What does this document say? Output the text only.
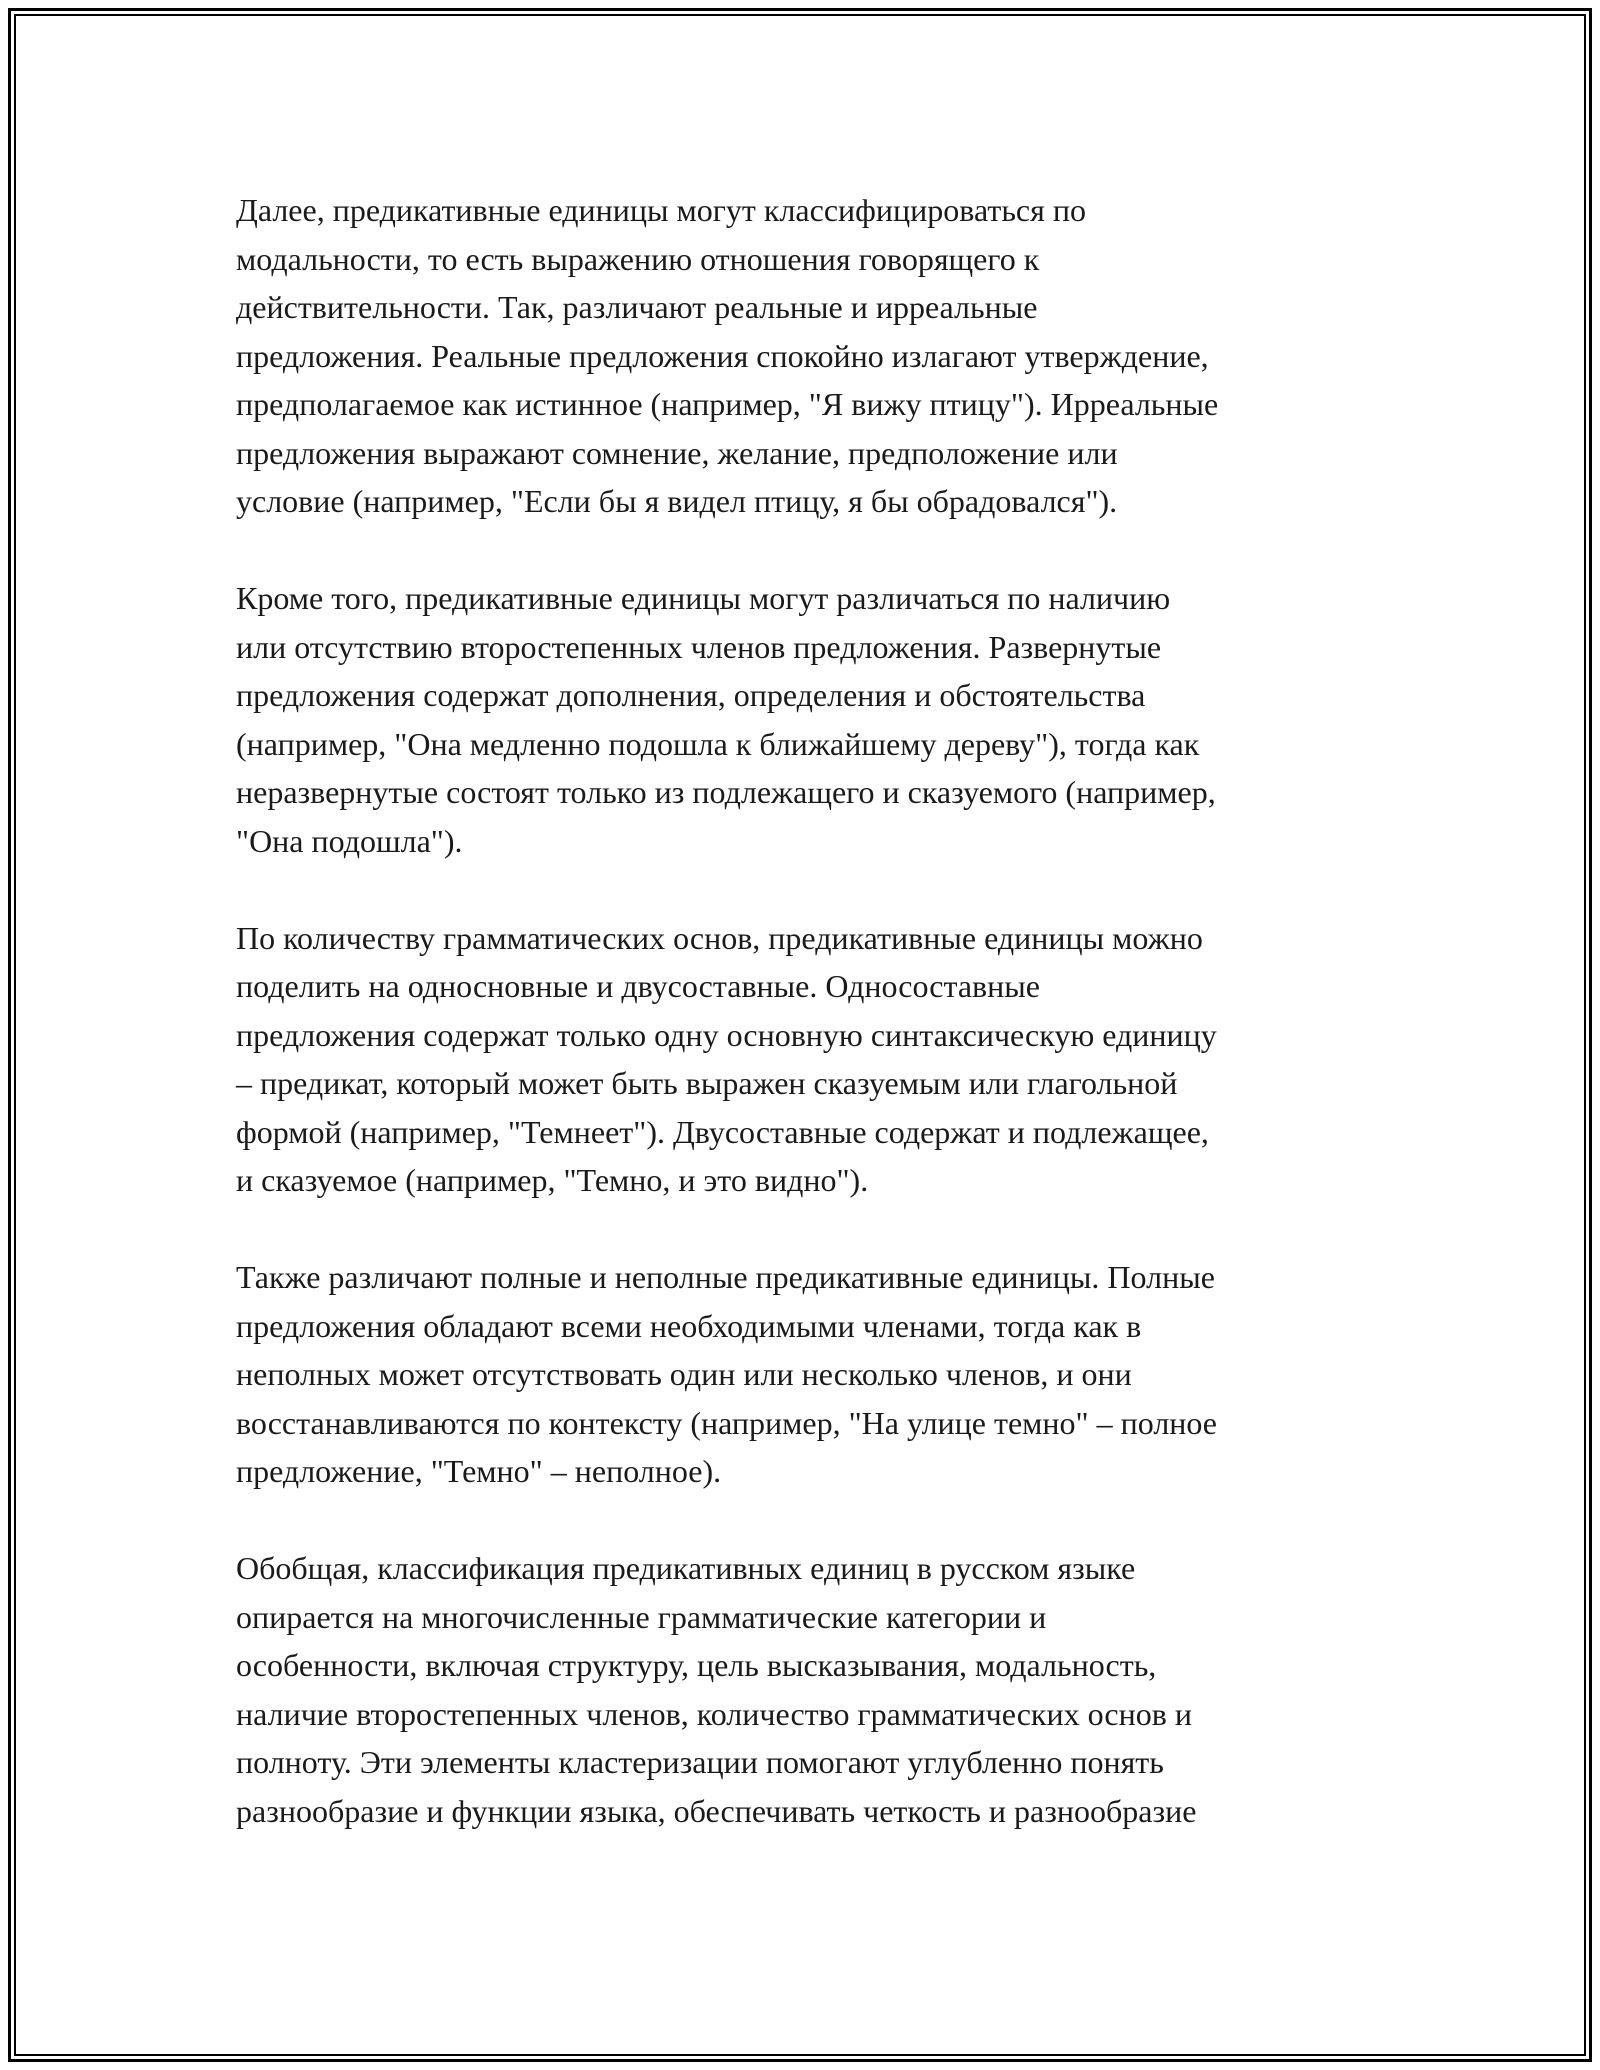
Далее, предикативные единицы могут классифицироваться по
модальности, то есть выражению отношения говорящего к
действительности. Так, различают реальные и ирреальные
предложения. Реальные предложения спокойно излагают утверждение,
предполагаемое как истинное (например, "Я вижу птицу"). Ирреальные
предложения выражают сомнение, желание, предположение или
условие (например, "Если бы я видел птицу, я бы обрадовался").

Кроме того, предикативные единицы могут различаться по наличию
или отсутствию второстепенных членов предложения. Развернутые
предложения содержат дополнения, определения и обстоятельства
(например, "Она медленно подошла к ближайшему дереву"), тогда как
неразвернутые состоят только из подлежащего и сказуемого (например,
"Она подошла").

По количеству грамматических основ, предикативные единицы можно
поделить на односновные и двусоставные. Односоставные
предложения содержат только одну основную синтаксическую единицу
– предикат, который может быть выражен сказуемым или глагольной
формой (например, "Темнеет"). Двусоставные содержат и подлежащее,
и сказуемое (например, "Темно, и это видно").

Также различают полные и неполные предикативные единицы. Полные
предложения обладают всеми необходимыми членами, тогда как в
неполных может отсутствовать один или несколько членов, и они
восстанавливаются по контексту (например, "На улице темно" – полное
предложение, "Темно" – неполное).

Обобщая, классификация предикативных единиц в русском языке
опирается на многочисленные грамматические категории и
особенности, включая структуру, цель высказывания, модальность,
наличие второстепенных членов, количество грамматических основ и
полноту. Эти элементы кластеризации помогают углубленно понять
разнообразие и функции языка, обеспечивать четкость и разнообразие
